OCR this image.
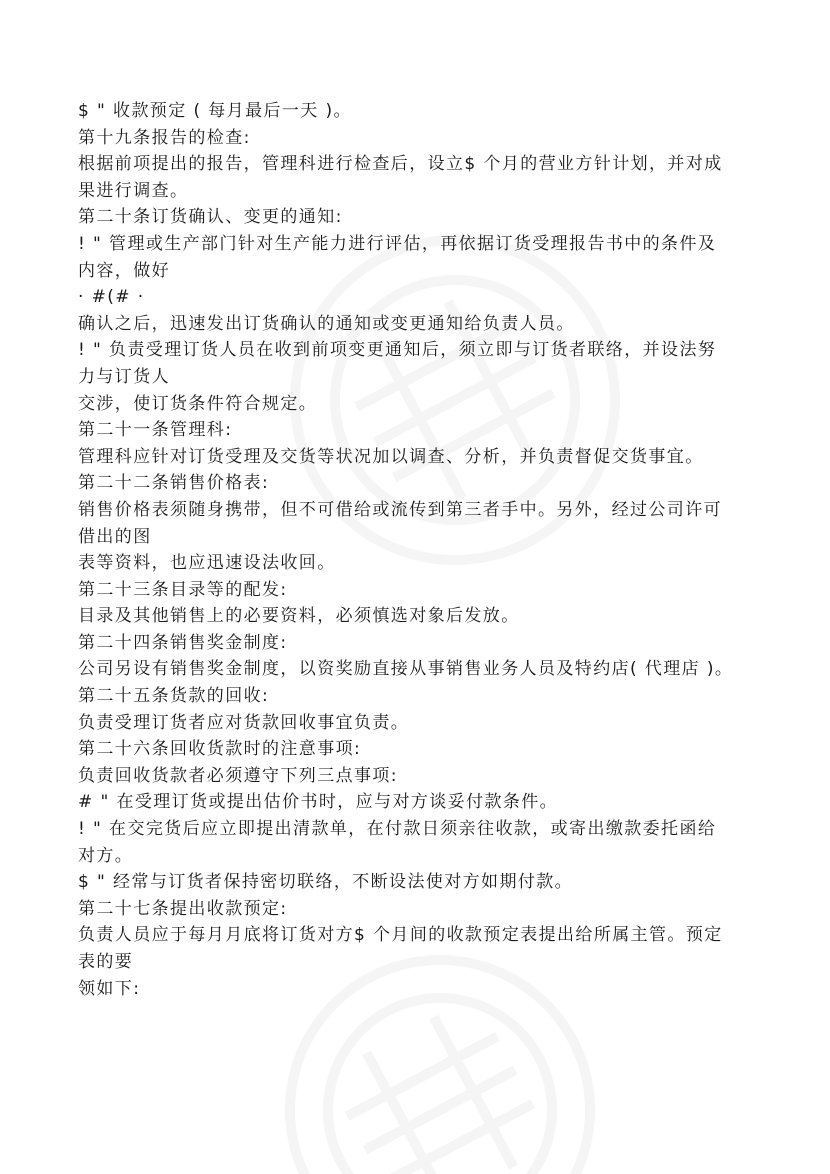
$ " 收款预定 ( 每月最后一天 )。

第十九条报告的检查:

根据前项提出的报告，管理科进行检查后，设立$ 个月的营业方针计划，并对成

果进行调查。

第二十条订货确认、变更的通知:

! " 管理或生产部门针对生产能力进行评估，再依据订货受理报告书中的条件及

内容，做好

· #(# ·

确认之后，迅速发出订货确认的通知或变更通知给负责人员。

! " 负责受理订货人员在收到前项变更通知后，须立即与订货者联络，并设法努

力与订货人

交涉，使订货条件符合规定。

第二十一条管理科:

管理科应针对订货受理及交货等状况加以调查、分析，并负责督促交货事宜。

第二十二条销售价格表:

销售价格表须随身携带，但不可借给或流传到第三者手中。另外，经过公司许可

借出的图

表等资料，也应迅速设法收回。

第二十三条目录等的配发:

目录及其他销售上的必要资料，必须慎选对象后发放。

第二十四条销售奖金制度:

公司另设有销售奖金制度，以资奖励直接从事销售业务人员及特约店( 代理店 )。

第二十五条货款的回收:

负责受理订货者应对货款回收事宜负责。

第二十六条回收货款时的注意事项:

负责回收货款者必须遵守下列三点事项:

# " 在受理订货或提出估价书时，应与对方谈妥付款条件。

! " 在交完货后应立即提出清款单，在付款日须亲往收款，或寄出缴款委托函给

对方。

$ " 经常与订货者保持密切联络，不断设法使对方如期付款。

第二十七条提出收款预定:

负责人员应于每月月底将订货对方$ 个月间的收款预定表提出给所属主管。预定

表的要

领如下:
